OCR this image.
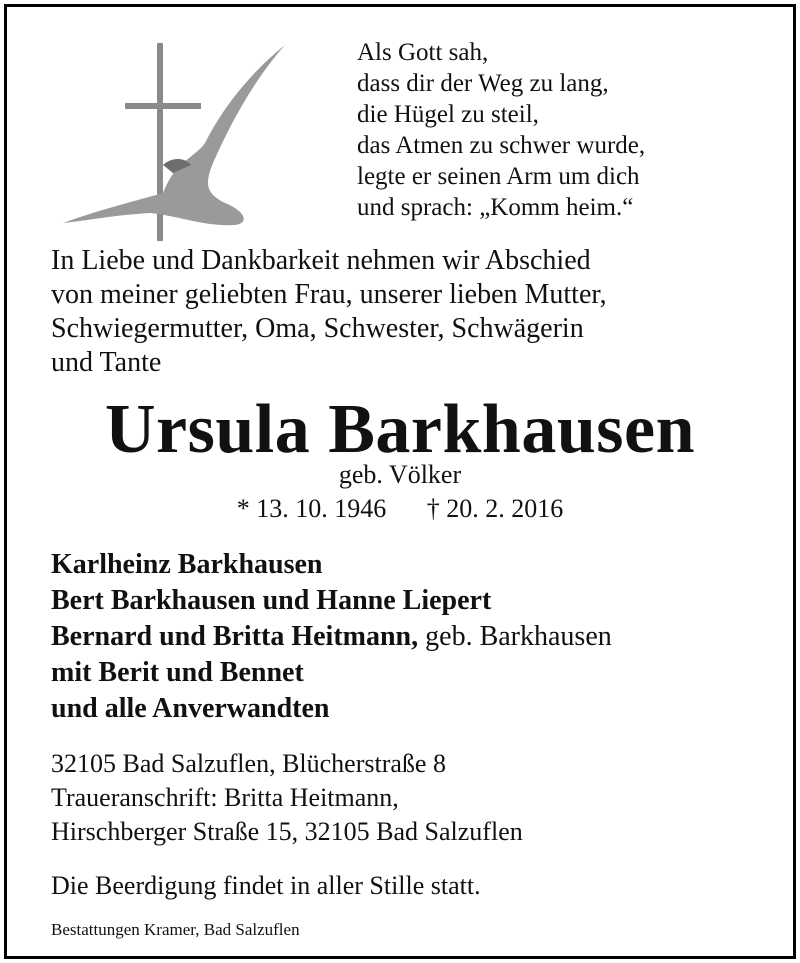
Als Gott sah,
dass dir der Weg zu lang,
die Hügel zu steil,
das Atmen zu schwer wurde,
legte er seinen Arm um dich
und sprach: „Komm heim.“
In Liebe und Dankbarkeit nehmen wir Abschied
von meiner geliebten Frau, unserer lieben Mutter,
Schwiegermutter, Oma, Schwester, Schwägerin
und Tante
Ursula Barkhausen
geb. Völker
* 13. 10. 1946 † 20. 2. 2016
Karlheinz Barkhausen
Bert Barkhausen und Hanne Liepert
Bernard und Britta Heitmann, geb. Barkhausen
mit Berit und Bennet
und alle Anverwandten
32105 Bad Salzuflen, Blücherstraße 8
Traueranschrift: Britta Heitmann,
Hirschberger Straße 15, 32105 Bad Salzuflen
Die Beerdigung findet in aller Stille statt.
Bestattungen Kramer, Bad Salzuflen
